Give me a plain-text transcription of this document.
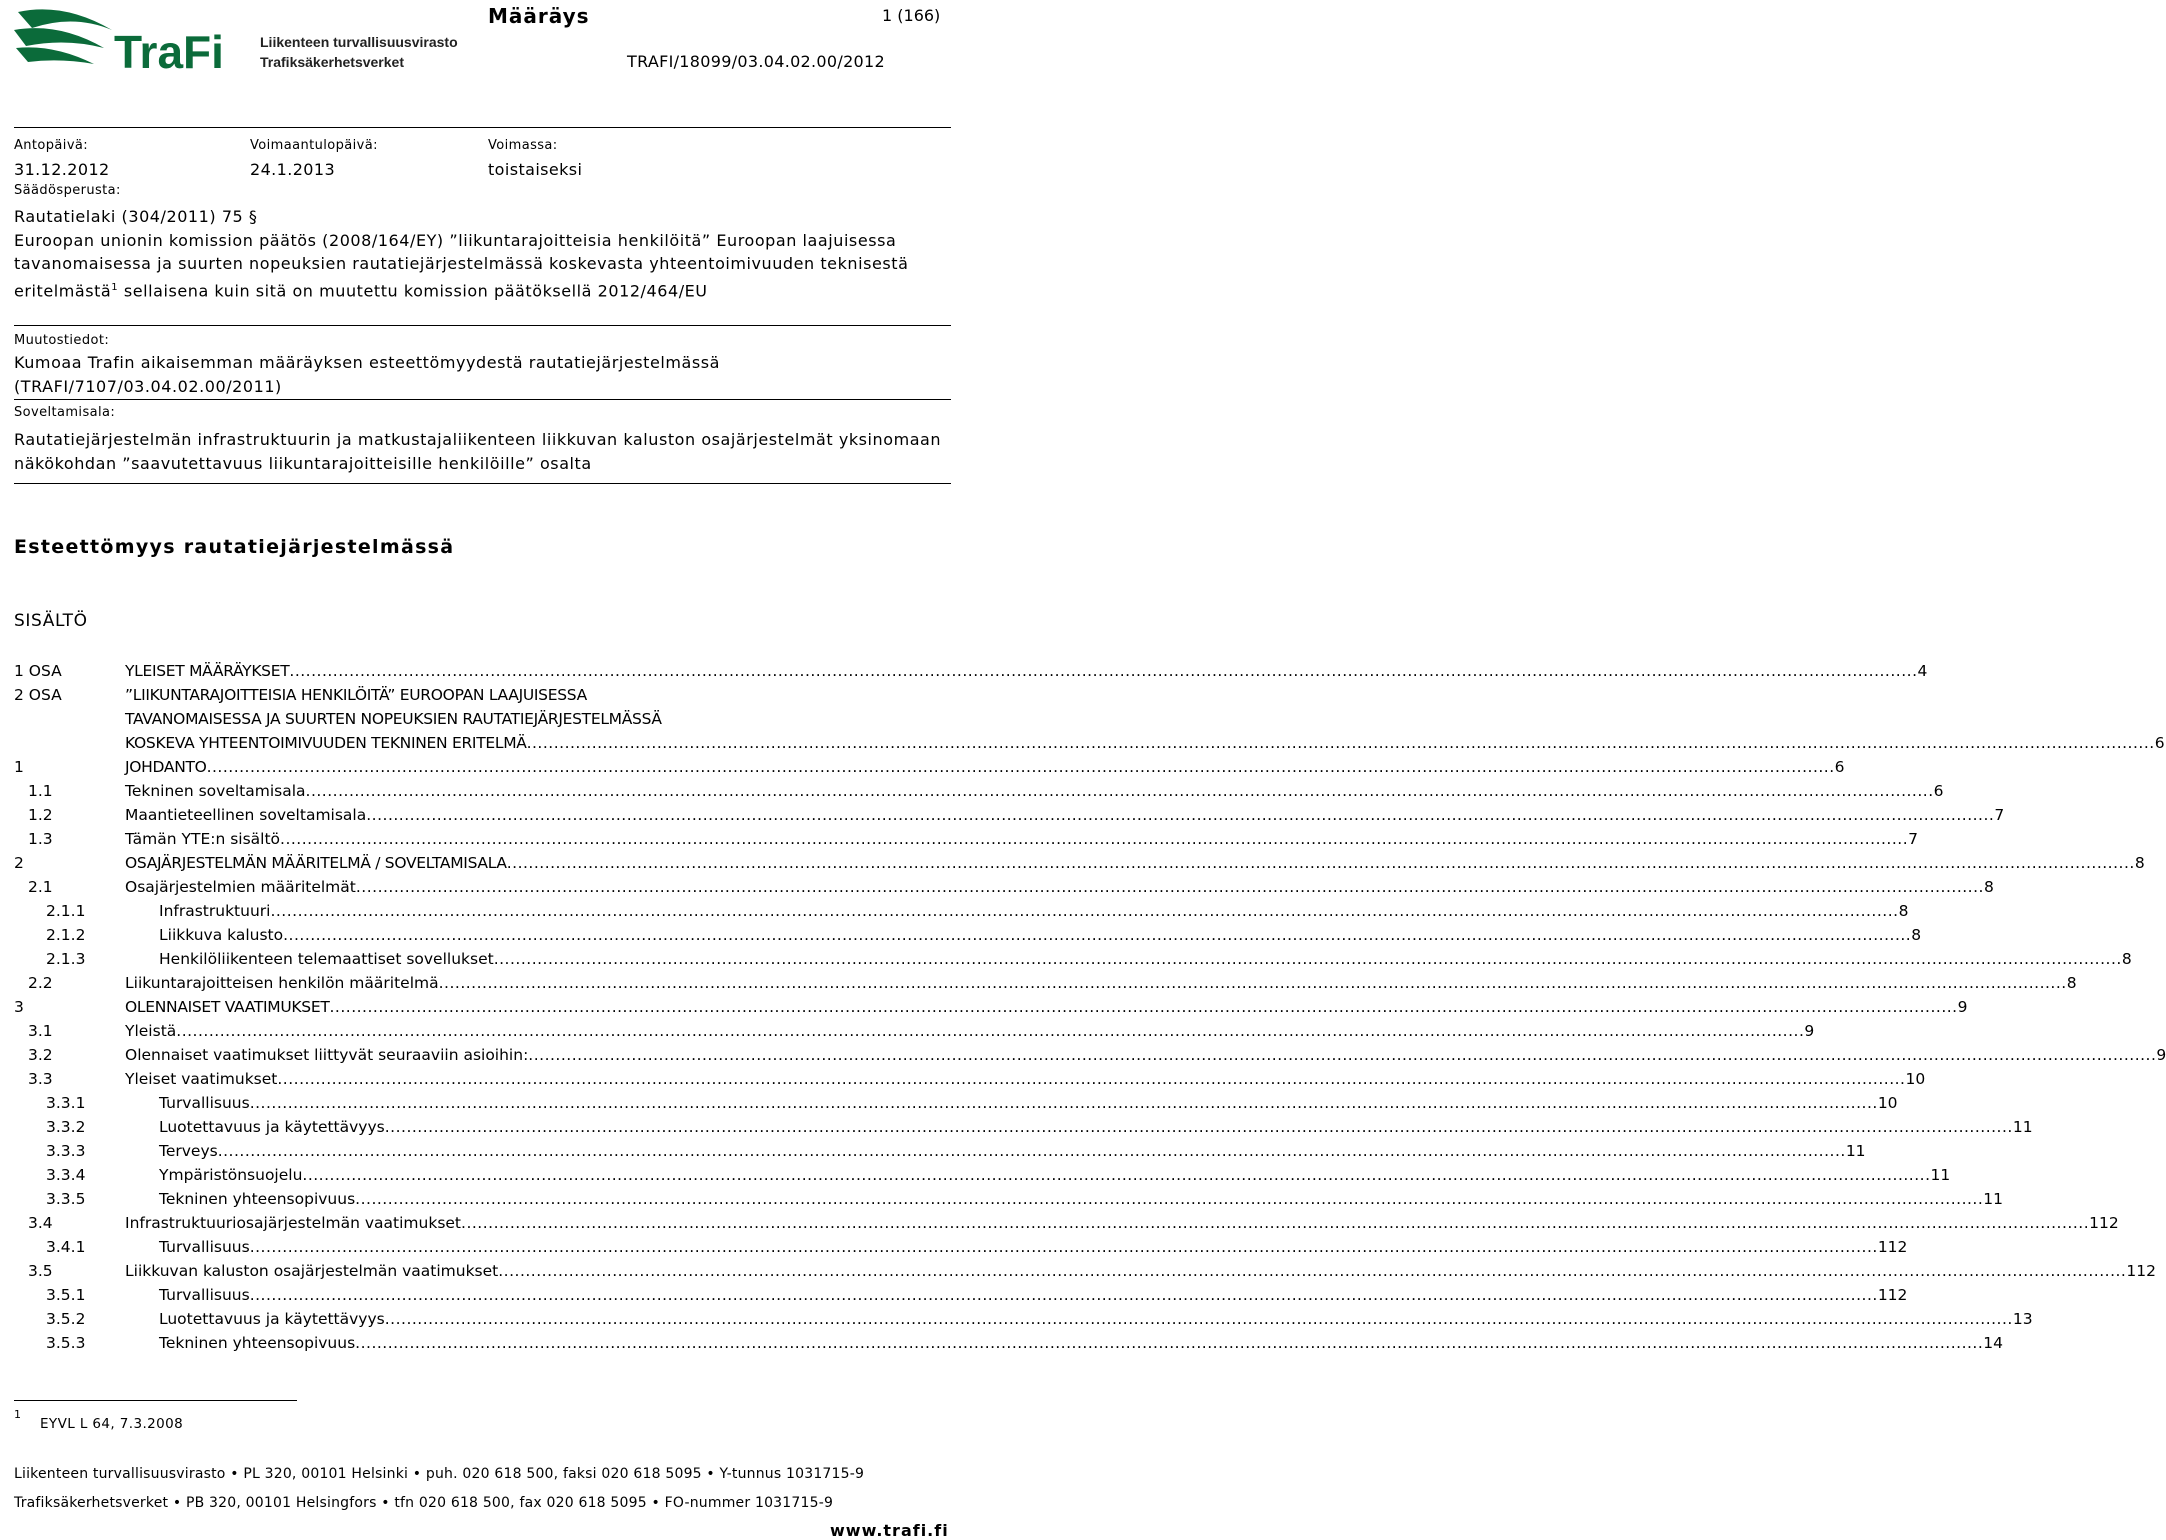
TraFi	Liikenteen turvallisuusvirasto
Trafiksäkerhetsverket
Määräys	1 (166)
TRAFI/18099/03.04.02.00/2012
Antopäivä:
31.12.2012
Voimaantulopäivä:
24.1.2013
Voimassa:
toistaiseksi
Säädösperusta:
Rautatielaki (304/2011) 75 §
Euroopan unionin komission päätös (2008/164/EY) ”liikuntarajoitteisia henkilöitä” Euroopan laajuisessa tavanomaisessa ja suurten nopeuksien rautatiejärjestelmässä koskevasta yhteentoimivuuden teknisestä eritelmästä$^1$ sellaisena kuin sitä on muutettu komission päätöksellä 2012/464/EU
Muutostiedot:
Kumoaa Trafin aikaisemman määräyksen esteettömyydestä rautatiejärjestelmässä (TRAFI/7107/03.04.02.00/2011)
Soveltamisala:
Rautatiejärjestelmän infrastruktuurin ja matkustajaliikenteen liikkuvan kaluston osajärjestelmät yksinomaan näkökohdan ”saavutettavuus liikuntarajoitteisille henkilöille” osalta
Esteettömyys rautatiejärjestelmässä
SISÄLTÖ
1 OSA	YLEISET MÄÄRÄYKSET ............................................................................................................................................................................................................................................................................................................ 4
2 OSA	”LIIKUNTARAJOITTEISIA HENKILÖITÄ” EUROOPAN LAAJUISESSA
TAVANOMAISESSA JA SUURTEN NOPEUKSIEN RAUTATIEJÄRJESTELMÄSSÄ
KOSKEVA YHTEENTOIMIVUUDEN TEKNINEN ERITELMÄ ............................................................................................................................................................................................................................................................................................................ 6
1	JOHDANTO ............................................................................................................................................................................................................................................................................................................ 6
1.1	Tekninen soveltamisala ............................................................................................................................................................................................................................................................................................................ 6
1.2	Maantieteellinen soveltamisala ............................................................................................................................................................................................................................................................................................................ 7
1.3	Tämän YTE:n sisältö ............................................................................................................................................................................................................................................................................................................ 7
2	OSAJÄRJESTELMÄN MÄÄRITELMÄ / SOVELTAMISALA ............................................................................................................................................................................................................................................................................................................ 8
2.1	Osajärjestelmien määritelmät ............................................................................................................................................................................................................................................................................................................ 8
2.1.1	Infrastruktuuri ............................................................................................................................................................................................................................................................................................................ 8
2.1.2	Liikkuva kalusto ............................................................................................................................................................................................................................................................................................................ 8
2.1.3	Henkilöliikenteen telemaattiset sovellukset ............................................................................................................................................................................................................................................................................................................ 8
2.2	Liikuntarajoitteisen henkilön määritelmä ............................................................................................................................................................................................................................................................................................................ 8
3	OLENNAISET VAATIMUKSET ............................................................................................................................................................................................................................................................................................................ 9
3.1	Yleistä ............................................................................................................................................................................................................................................................................................................ 9
3.2	Olennaiset vaatimukset liittyvät seuraaviin asioihin: ............................................................................................................................................................................................................................................................................................................ 9
3.3	Yleiset vaatimukset ............................................................................................................................................................................................................................................................................................................ 10
3.3.1	Turvallisuus ............................................................................................................................................................................................................................................................................................................ 10
3.3.2	Luotettavuus ja käytettävyys ............................................................................................................................................................................................................................................................................................................ 11
3.3.3	Terveys ............................................................................................................................................................................................................................................................................................................ 11
3.3.4	Ympäristönsuojelu ............................................................................................................................................................................................................................................................................................................ 11
3.3.5	Tekninen yhteensopivuus ............................................................................................................................................................................................................................................................................................................ 11
3.4	Infrastruktuuriosajärjestelmän vaatimukset ............................................................................................................................................................................................................................................................................................................ 112
3.4.1	Turvallisuus ............................................................................................................................................................................................................................................................................................................ 112
3.5	Liikkuvan kaluston osajärjestelmän vaatimukset ............................................................................................................................................................................................................................................................................................................ 112
3.5.1	Turvallisuus ............................................................................................................................................................................................................................................................................................................ 112
3.5.2	Luotettavuus ja käytettävyys ............................................................................................................................................................................................................................................................................................................ 13
3.5.3	Tekninen yhteensopivuus ............................................................................................................................................................................................................................................................................................................ 14
1
EYVL L 64, 7.3.2008
Liikenteen turvallisuusvirasto • PL 320, 00101 Helsinki • puh. 020 618 500, faksi 020 618 5095 • Y-tunnus 1031715-9
Trafiksäkerhetsverket • PB 320, 00101 Helsingfors • tfn 020 618 500, fax 020 618 5095 • FO-nummer 1031715-9
www.trafi.fi
